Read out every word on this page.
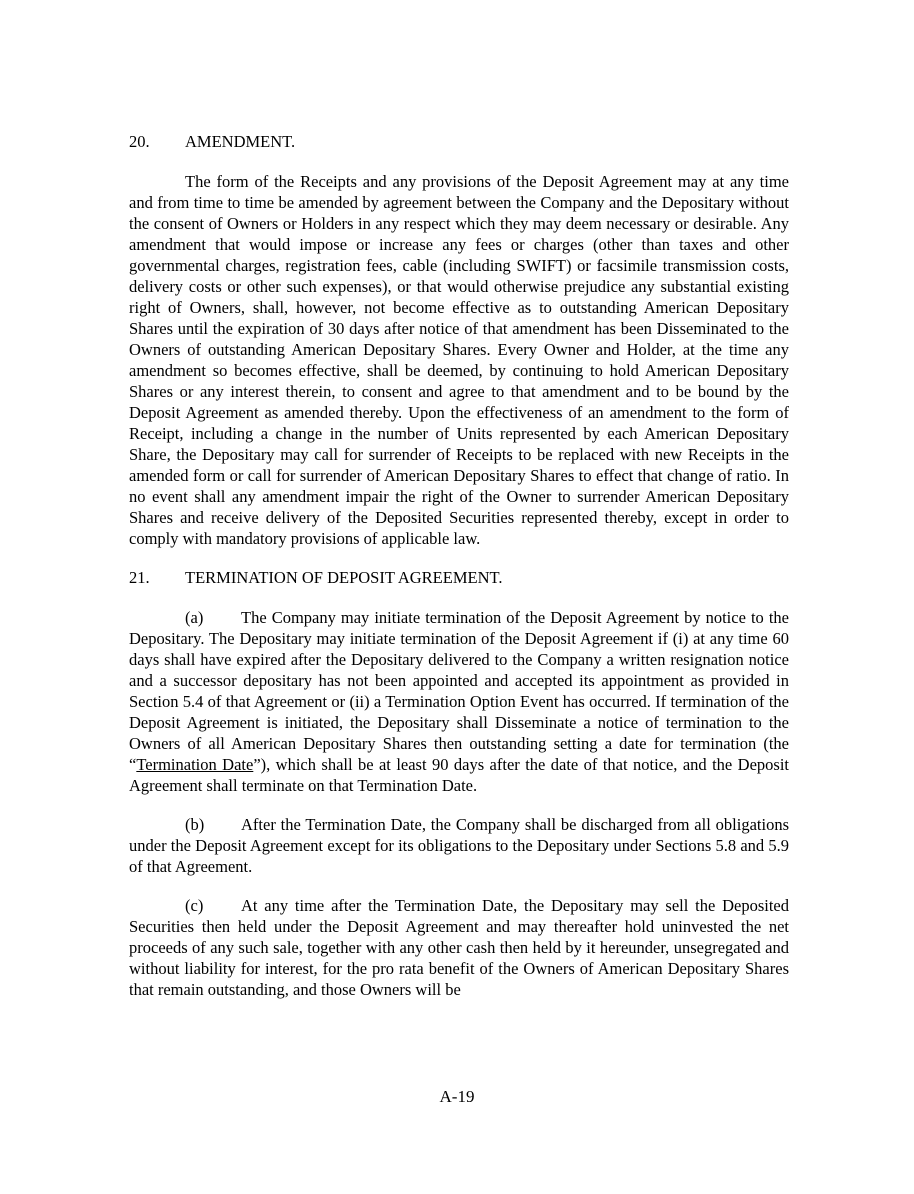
20.	AMENDMENT.

The form of the Receipts and any provisions of the Deposit Agreement may at any time and from time to time be amended by agreement between the Company and the Depositary without the consent of Owners or Holders in any respect which they may deem necessary or desirable. Any amendment that would impose or increase any fees or charges (other than taxes and other governmental charges, registration fees, cable (including SWIFT) or facsimile transmission costs, delivery costs or other such expenses), or that would otherwise prejudice any substantial existing right of Owners, shall, however, not become effective as to outstanding American Depositary Shares until the expiration of 30 days after notice of that amendment has been Disseminated to the Owners of outstanding American Depositary Shares. Every Owner and Holder, at the time any amendment so becomes effective, shall be deemed, by continuing to hold American Depositary Shares or any interest therein, to consent and agree to that amendment and to be bound by the Deposit Agreement as amended thereby. Upon the effectiveness of an amendment to the form of Receipt, including a change in the number of Units represented by each American Depositary Share, the Depositary may call for surrender of Receipts to be replaced with new Receipts in the amended form or call for surrender of American Depositary Shares to effect that change of ratio. In no event shall any amendment impair the right of the Owner to surrender American Depositary Shares and receive delivery of the Deposited Securities represented thereby, except in order to comply with mandatory provisions of applicable law.

21.	TERMINATION OF DEPOSIT AGREEMENT.

(a) The Company may initiate termination of the Deposit Agreement by notice to the Depositary. The Depositary may initiate termination of the Deposit Agreement if (i) at any time 60 days shall have expired after the Depositary delivered to the Company a written resignation notice and a successor depositary has not been appointed and accepted its appointment as provided in Section 5.4 of that Agreement or (ii) a Termination Option Event has occurred. If termination of the Deposit Agreement is initiated, the Depositary shall Disseminate a notice of termination to the Owners of all American Depositary Shares then outstanding setting a date for termination (the “Termination Date”), which shall be at least 90 days after the date of that notice, and the Deposit Agreement shall terminate on that Termination Date.

(b) After the Termination Date, the Company shall be discharged from all obligations under the Deposit Agreement except for its obligations to the Depositary under Sections 5.8 and 5.9 of that Agreement.

(c) At any time after the Termination Date, the Depositary may sell the Deposited Securities then held under the Deposit Agreement and may thereafter hold uninvested the net proceeds of any such sale, together with any other cash then held by it hereunder, unsegregated and without liability for interest, for the pro rata benefit of the Owners of American Depositary Shares that remain outstanding, and those Owners will be

A-19
